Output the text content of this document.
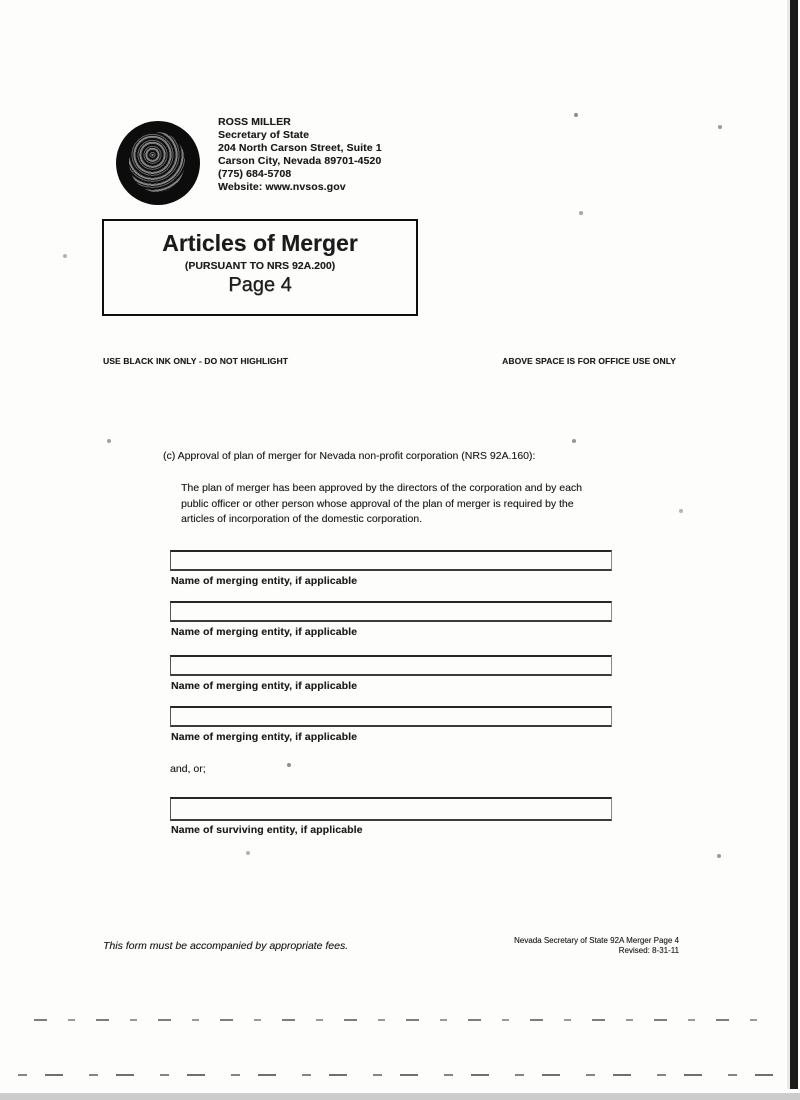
ROSS MILLER
Secretary of State
204 North Carson Street, Suite 1
Carson City, Nevada 89701-4520
(775) 684-5708
Website: www.nvsos.gov
Articles of Merger
(PURSUANT TO NRS 92A.200)
Page 4
USE BLACK INK ONLY - DO NOT HIGHLIGHT	ABOVE SPACE IS FOR OFFICE USE ONLY
(c) Approval of plan of merger for Nevada non-profit corporation (NRS 92A.160):
The plan of merger has been approved by the directors of the corporation and by each public officer or other person whose approval of the plan of merger is required by the articles of incorporation of the domestic corporation.
Name of merging entity, if applicable
Name of merging entity, if applicable
Name of merging entity, if applicable
Name of merging entity, if applicable
and, or;
Name of surviving entity, if applicable
This form must be accompanied by appropriate fees.	Nevada Secretary of State 92A Merger Page 4
Revised: 8-31-11
